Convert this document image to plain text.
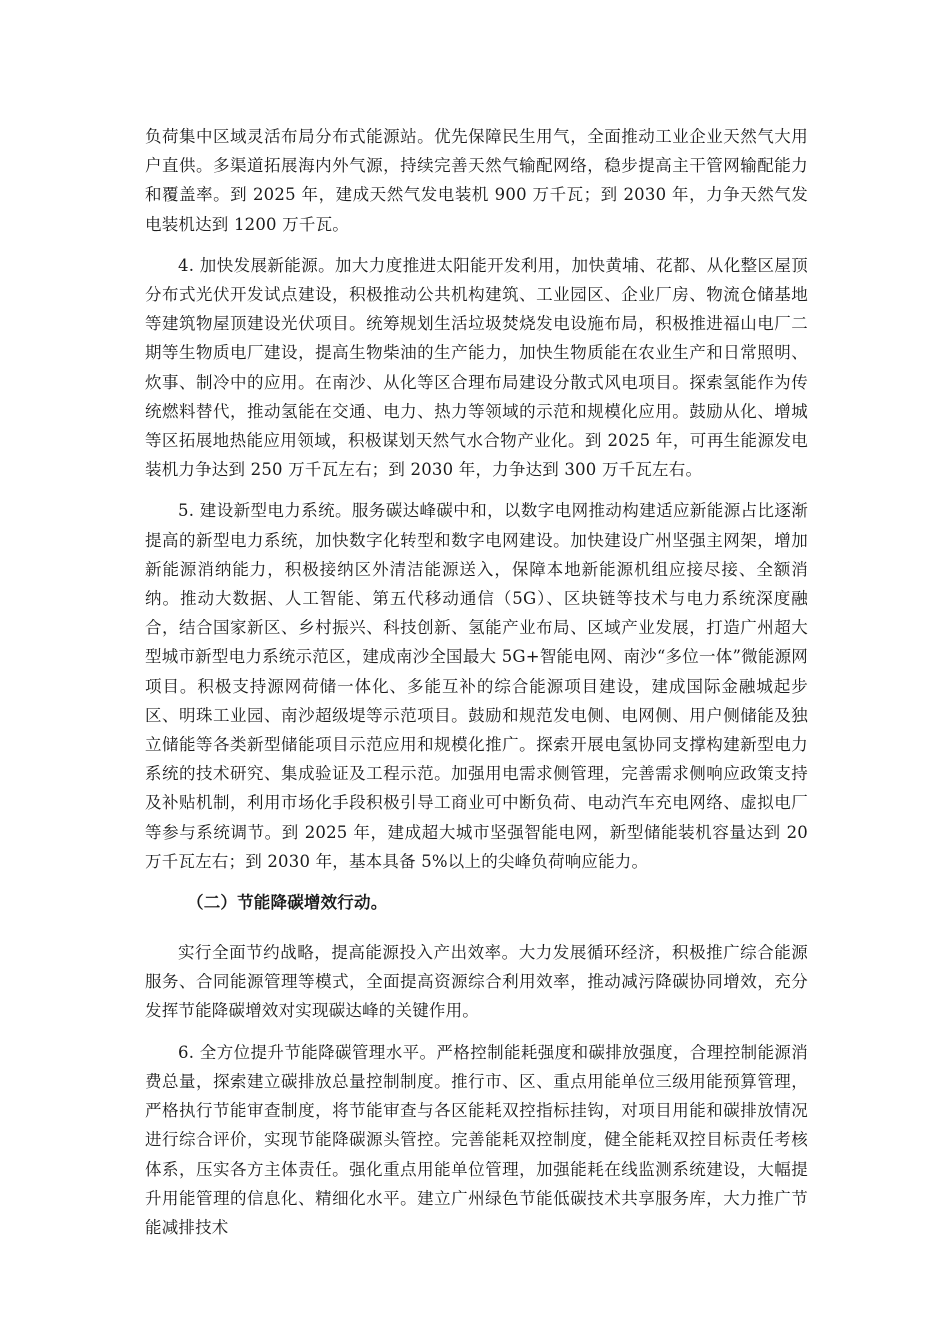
负荷集中区域灵活布局分布式能源站。优先保障民生用气，全面推动工业企业天然气大用户直供。多渠道拓展海内外气源，持续完善天然气输配网络，稳步提高主干管网输配能力和覆盖率。到 2025 年，建成天然气发电装机 900 万千瓦；到 2030 年，力争天然气发电装机达到 1200 万千瓦。

4. 加快发展新能源。加大力度推进太阳能开发利用，加快黄埔、花都、从化整区屋顶分布式光伏开发试点建设，积极推动公共机构建筑、工业园区、企业厂房、物流仓储基地等建筑物屋顶建设光伏项目。统筹规划生活垃圾焚烧发电设施布局，积极推进福山电厂二期等生物质电厂建设，提高生物柴油的生产能力，加快生物质能在农业生产和日常照明、炊事、制冷中的应用。在南沙、从化等区合理布局建设分散式风电项目。探索氢能作为传统燃料替代，推动氢能在交通、电力、热力等领域的示范和规模化应用。鼓励从化、增城等区拓展地热能应用领域，积极谋划天然气水合物产业化。到 2025 年，可再生能源发电装机力争达到 250 万千瓦左右；到 2030 年，力争达到 300 万千瓦左右。

5. 建设新型电力系统。服务碳达峰碳中和，以数字电网推动构建适应新能源占比逐渐提高的新型电力系统，加快数字化转型和数字电网建设。加快建设广州坚强主网架，增加新能源消纳能力，积极接纳区外清洁能源送入，保障本地新能源机组应接尽接、全额消纳。推动大数据、人工智能、第五代移动通信（5G）、区块链等技术与电力系统深度融合，结合国家新区、乡村振兴、科技创新、氢能产业布局、区域产业发展，打造广州超大型城市新型电力系统示范区，建成南沙全国最大 5G+智能电网、南沙“多位一体”微能源网项目。积极支持源网荷储一体化、多能互补的综合能源项目建设，建成国际金融城起步区、明珠工业园、南沙超级堤等示范项目。鼓励和规范发电侧、电网侧、用户侧储能及独立储能等各类新型储能项目示范应用和规模化推广。探索开展电氢协同支撑构建新型电力系统的技术研究、集成验证及工程示范。加强用电需求侧管理，完善需求侧响应政策支持及补贴机制，利用市场化手段积极引导工商业可中断负荷、电动汽车充电网络、虚拟电厂等参与系统调节。到 2025 年，建成超大城市坚强智能电网，新型储能装机容量达到 20 万千瓦左右；到 2030 年，基本具备 5%以上的尖峰负荷响应能力。

（二）节能降碳增效行动。

实行全面节约战略，提高能源投入产出效率。大力发展循环经济，积极推广综合能源服务、合同能源管理等模式，全面提高资源综合利用效率，推动减污降碳协同增效，充分发挥节能降碳增效对实现碳达峰的关键作用。

6. 全方位提升节能降碳管理水平。严格控制能耗强度和碳排放强度，合理控制能源消费总量，探索建立碳排放总量控制制度。推行市、区、重点用能单位三级用能预算管理，严格执行节能审查制度，将节能审查与各区能耗双控指标挂钩，对项目用能和碳排放情况进行综合评价，实现节能降碳源头管控。完善能耗双控制度，健全能耗双控目标责任考核体系，压实各方主体责任。强化重点用能单位管理，加强能耗在线监测系统建设，大幅提升用能管理的信息化、精细化水平。建立广州绿色节能低碳技术共享服务库，大力推广节能减排技术
